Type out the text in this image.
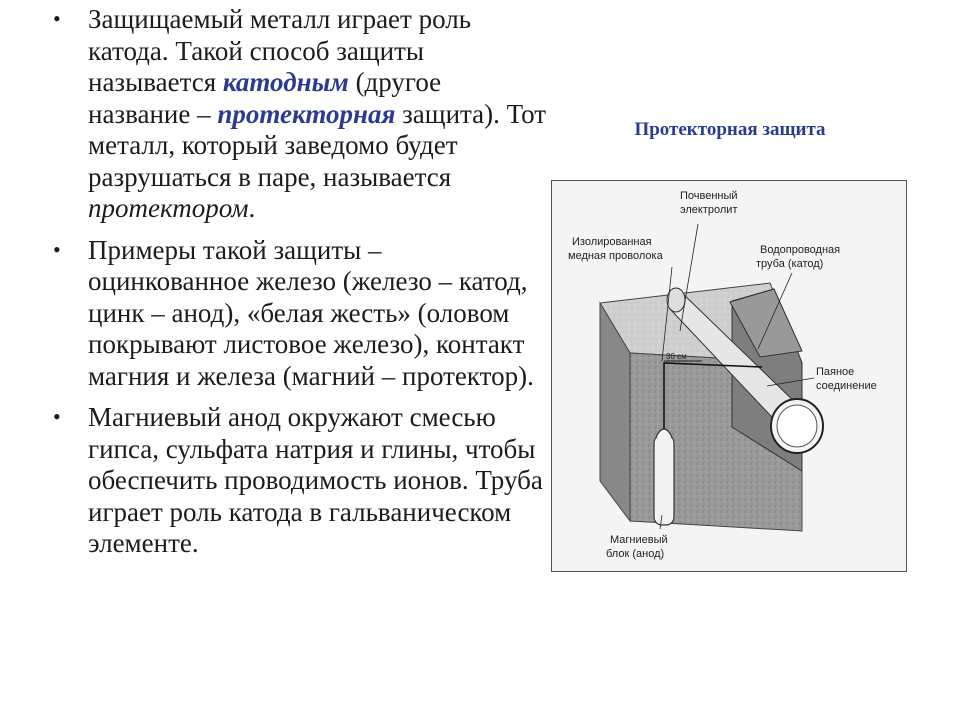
• Защищаемый металл играет роль катода. Такой способ защиты называется катодным (другое название – протекторная защита). Тот металл, который заведомо будет разрушаться в паре, называется протектором.
• Примеры такой защиты – оцинкованное железо (железо – катод, цинк – анод), «белая жесть» (оловом покрывают листовое железо), контакт магния и железа (магний – протектор).
• Магниевый анод окружают смесью гипса, сульфата натрия и глины, чтобы обеспечить проводимость ионов. Труба играет роль катода в гальваническом элементе.
Протекторная защита
Почвенный
электролит
Изолированная
медная проволока	Водопроводная
труба (катод)
30 см
Паяное
соединение
Магниевый
блок (анод)
